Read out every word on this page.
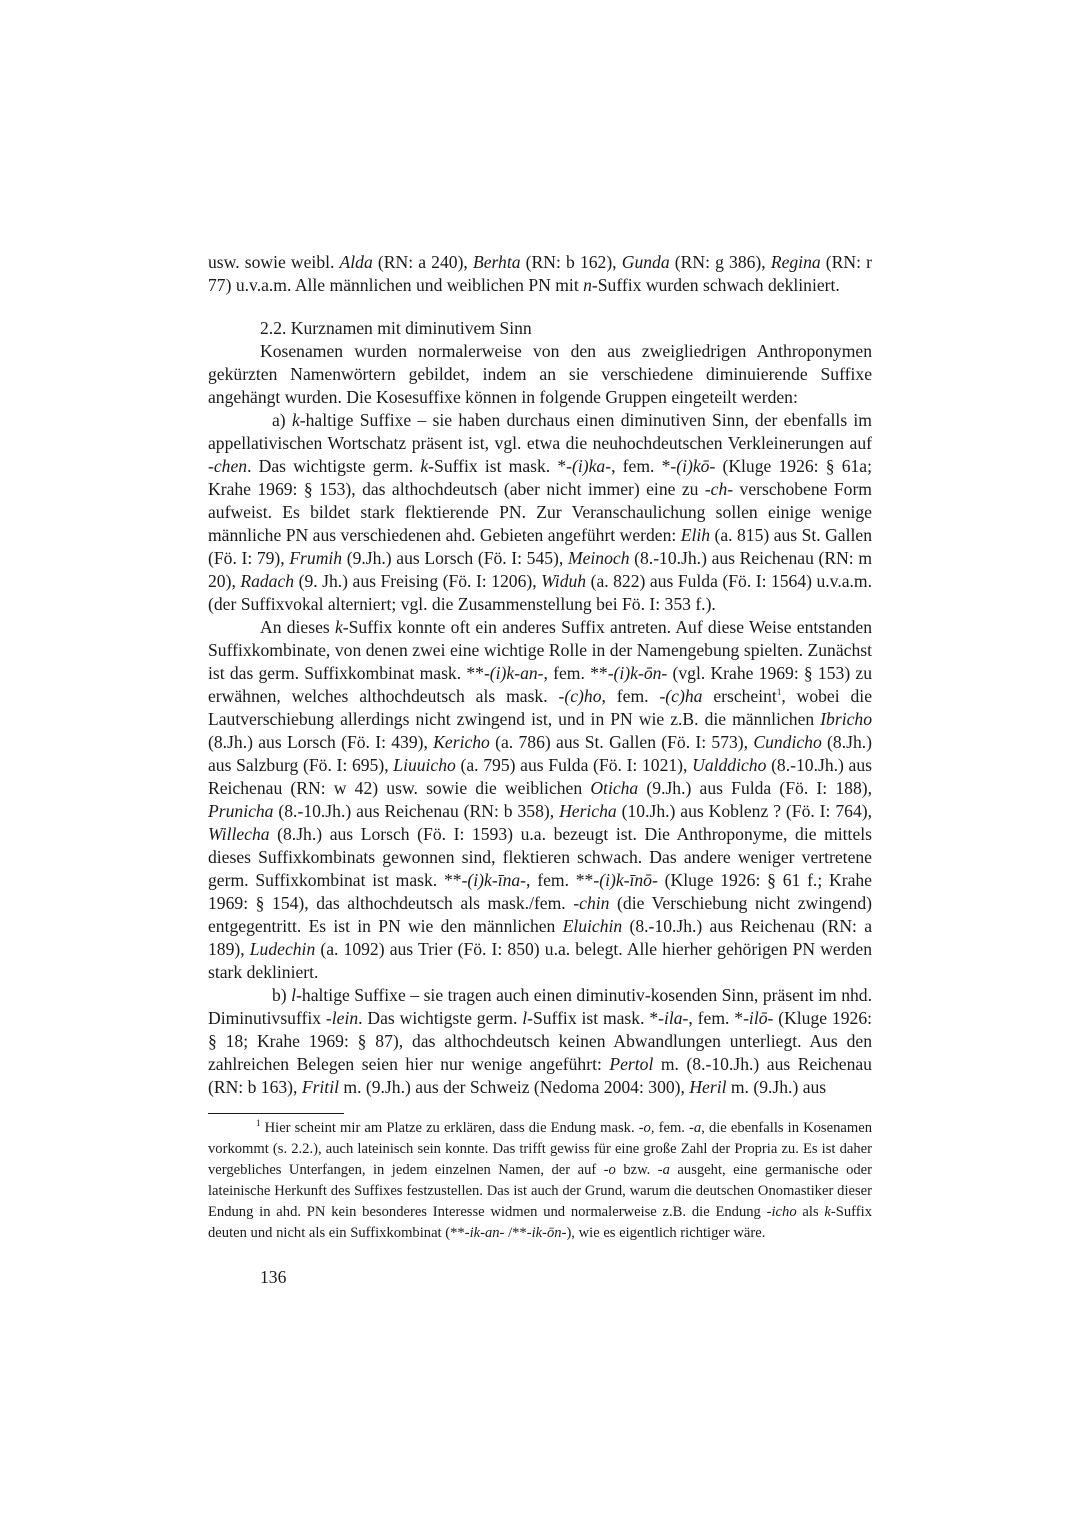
usw. sowie weibl. Alda (RN: a 240), Berhta (RN: b 162), Gunda (RN: g 386), Regina (RN: r 77) u.v.a.m. Alle männlichen und weiblichen PN mit n-Suffix wurden schwach dekliniert.

2.2. Kurznamen mit diminutivem Sinn

Kosenamen wurden normalerweise von den aus zweigliedrigen Anthroponymen gekürzten Namenwörtern gebildet, indem an sie verschiedene diminuierende Suffixe angehängt wurden. Die Kosesuffixe können in folgende Gruppen eingeteilt werden:

a) k-haltige Suffixe – sie haben durchaus einen diminutiven Sinn, der ebenfalls im appellativischen Wortschatz präsent ist, vgl. etwa die neuhochdeutschen Verkleinerungen auf -chen. Das wichtigste germ. k-Suffix ist mask. *-(i)ka-, fem. *-(i)kō- (Kluge 1926: § 61a; Krahe 1969: § 153), das althochdeutsch (aber nicht immer) eine zu -ch- verschobene Form aufweist. Es bildet stark flektierende PN. Zur Veranschaulichung sollen einige wenige männliche PN aus verschiedenen ahd. Gebieten angeführt werden: Elih (a. 815) aus St. Gallen (Fö. I: 79), Frumih (9.Jh.) aus Lorsch (Fö. I: 545), Meinoch (8.-10.Jh.) aus Reichenau (RN: m 20), Radach (9. Jh.) aus Freising (Fö. I: 1206), Widuh (a. 822) aus Fulda (Fö. I: 1564) u.v.a.m. (der Suffixvokal alterniert; vgl. die Zusammenstellung bei Fö. I: 353 f.).

An dieses k-Suffix konnte oft ein anderes Suffix antreten. Auf diese Weise entstanden Suffixkombinate, von denen zwei eine wichtige Rolle in der Namengebung spielten. Zunächst ist das germ. Suffixkombinat mask. **-(i)k-an-, fem. **-(i)k-ōn- (vgl. Krahe 1969: § 153) zu erwähnen, welches althochdeutsch als mask. -(c)ho, fem. -(c)ha erscheint$^1$, wobei die Lautverschiebung allerdings nicht zwingend ist, und in PN wie z.B. die männlichen Ibricho (8.Jh.) aus Lorsch (Fö. I: 439), Kericho (a. 786) aus St. Gallen (Fö. I: 573), Cundicho (8.Jh.) aus Salzburg (Fö. I: 695), Liuuicho (a. 795) aus Fulda (Fö. I: 1021), Ualddicho (8.-10.Jh.) aus Reichenau (RN: w 42) usw. sowie die weiblichen Oticha (9.Jh.) aus Fulda (Fö. I: 188), Prunicha (8.-10.Jh.) aus Reichenau (RN: b 358), Hericha (10.Jh.) aus Koblenz ? (Fö. I: 764), Willecha (8.Jh.) aus Lorsch (Fö. I: 1593) u.a. bezeugt ist. Die Anthroponyme, die mittels dieses Suffixkombinats gewonnen sind, flektieren schwach. Das andere weniger vertretene germ. Suffixkombinat ist mask. **-(i)k-īna-, fem. **-(i)k-īnō- (Kluge 1926: § 61 f.; Krahe 1969: § 154), das althochdeutsch als mask./fem. -chin (die Verschiebung nicht zwingend) entgegentritt. Es ist in PN wie den männlichen Eluichin (8.-10.Jh.) aus Reichenau (RN: a 189), Ludechin (a. 1092) aus Trier (Fö. I: 850) u.a. belegt. Alle hierher gehörigen PN werden stark dekliniert.

b) l-haltige Suffixe – sie tragen auch einen diminutiv-kosenden Sinn, präsent im nhd. Diminutivsuffix -lein. Das wichtigste germ. l-Suffix ist mask. *-ila-, fem. *-ilō- (Kluge 1926: § 18; Krahe 1969: § 87), das althochdeutsch keinen Abwandlungen unterliegt. Aus den zahlreichen Belegen seien hier nur wenige angeführt: Pertol m. (8.-10.Jh.) aus Reichenau (RN: b 163), Fritil m. (9.Jh.) aus der Schweiz (Nedoma 2004: 300), Heril m. (9.Jh.) aus

$^1$ Hier scheint mir am Platze zu erklären, dass die Endung mask. -o, fem. -a, die ebenfalls in Kosenamen vorkommt (s. 2.2.), auch lateinisch sein konnte. Das trifft gewiss für eine große Zahl der Propria zu. Es ist daher vergebliches Unterfangen, in jedem einzelnen Namen, der auf -o bzw. -a ausgeht, eine germanische oder lateinische Herkunft des Suffixes festzustellen. Das ist auch der Grund, warum die deutschen Onomastiker dieser Endung in ahd. PN kein besonderes Interesse widmen und normalerweise z.B. die Endung -icho als k-Suffix deuten und nicht als ein Suffixkombinat (**-ik-an- /**-ik-ōn-), wie es eigentlich richtiger wäre.

136
